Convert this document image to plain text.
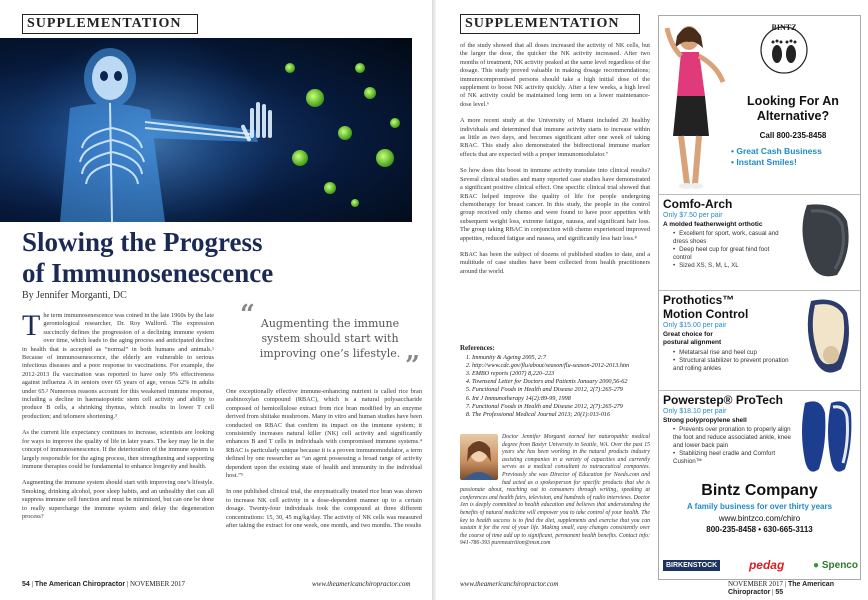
SUPPLEMENTATION
Slowing the Progress
of Immunosenescence
By Jennifer Morganti, DC

The term immunosenescence was coined in the late 1960s by the late gerontological researcher, Dr. Roy Walford. The expression succinctly defines the progression of a declining immune system over time, which leads to the aging process and anticipated decline in health that is accepted as “normal” in both humans and animals.¹ Because of immunosenescence, the elderly are vulnerable to serious infectious diseases and a poor response to vaccinations. For example, the 2012-2013 flu vaccination was reported to have only 9% effectiveness against influenza A in seniors over 65 years of age, versus 52% in adults under 65.² Numerous reasons account for this weakened immune response, including a decline in haematopoietic stem cell activity and ability to produce B cells, a shrinking thymus, which results in lower T cell production; and telomere shortening.³

As the current life expectancy continues to increase, scientists are looking for ways to improve the quality of life in later years. The key may lie in the concept of immunosenescence. If the deterioration of the immune system is largely responsible for the aging process, then strengthening and supporting immune therapies could be fundamental to enhance longevity and health.

Augmenting the immune system should start with improving one’s lifestyle. Smoking, drinking alcohol, poor sleep habits, and an unhealthy diet can all suppress immune cell function and must be minimized, but can one be done to really supercharge the immune system and delay the degeneration process?

“ Augmenting the immune system should start with improving one’s lifestyle. ”

One exceptionally effective immune-enhancing nutrient is called rice bran arabinoxylan compound (RBAC), which is a natural polysaccharide composed of hemicellulose extract from rice bran modified by an enzyme derived from shiitake mushroom. Many in vitro and human studies have been conducted on RBAC that confirm its impact on the immune system; it consistently increases natural killer (NK) cell activity and significantly enhances B and T cells in individuals with compromised immune systems.⁴ RBAC is particularly unique because it is a proven immunomodulator, a term defined by one researcher as “an agent possessing a broad range of activity dependent upon the existing state of health and immunity in the individual host.”⁵

In one published clinical trial, the enzymatically treated rice bran was shown to increase NK cell activity in a dose-dependent manner up to a certain dosage. Twenty-four individuals took the compound at three different concentrations: 15, 30, 45 mg/kg/day. The activity of NK cells was measured after taking the extract for one week, one month, and two months. The results

54 | The American Chiropractor | NOVEMBER 2017	www.theamericanchiropractor.com
SUPPLEMENTATION

of the study showed that all doses increased the activity of NK cells, but the larger the dose, the quicker the NK activity increased. After two months of treatment, NK activity peaked at the same level regardless of the dosage. This study proved valuable in making dosage recommendations; immunocompromised persons should take a high initial dose of the supplement to boost NK activity quickly. After a few weeks, a high level of NK activity could be maintained long term on a lower maintenance-dose level.⁶

A more recent study at the University of Miami included 20 healthy individuals and determined that immune activity starts to increase within as little as two days, and becomes significant after one week of taking RBAC. This study also demonstrated the bidirectional immune marker effects that are expected with a proper immunomodulator.⁷

So how does this boost in immune activity translate into clinical results? Several clinical studies and many reported case studies have demonstrated a significant positive clinical effect. One specific clinical trial showed that RBAC helped improve the quality of life for people undergoing chemotherapy for breast cancer. In this study, the people in the control group received only chemo and were found to have poor appetites with subsequent weight loss, extreme fatigue, nausea, and significant hair loss. The group taking RBAC in conjunction with chemo experienced improved appetites, reduced fatigue and nausea, and significantly less hair loss.⁸

RBAC has been the subject of dozens of published studies to date, and a multitude of case studies have been collected from health practitioners around the world.

References:
1. Immunity & Ageing 2005, 2:7
2. http://www.cdc.gov/flu/about/season/flu-season-2012-2013.htm
3. EMBO reports (2007) 8,220–223
4. Townsend Letter for Doctors and Patients January 2000,56-62
5. Functional Foods in Health and Disease 2012, 2(7):265-279
6. Int J Immunotherapy 14(2):89-99, 1998
7. Functional Foods in Health and Disease 2012, 2(7):265-279
8. The Professional Medical Journal 2013; 20(1):013-016
Doctor Jennifer Morganti earned her naturopathic medical degree from Bastyr University in Seattle, WA. Over the past 15 years she has been working in the natural products industry assisting companies in a variety of capacities and currently serves as a medical consultant to nutraceutical companies. Previously she was Director of Education for Needs.com and had acted as a spokesperson for specific products that she is passionate about, reaching out to consumers through writing, speaking at conferences and health fairs, television, and hundreds of radio interviews. Doctor Jen is deeply committed to health education and believes that understanding the benefits of natural medicine will empower you to take control of your health. The key to health success is to find the diet, supplements and exercise that you can sustain it for the rest of your life. Making small, easy changes consistently over the course of time add up to significant, permanent health benefits. Contact info: 941-786-393 pureneutrition@msn.com
www.theamericanchiropractor.com	NOVEMBER 2017 | The American Chiropractor | 55
BINTZ
Looking For An
Alternative?
Call 800-235-8458
• Great Cash Business
• Instant Smiles!
Comfo-Arch
Only $7.50 per pair
A molded featherweight orthotic
• Excellent for sport, work, casual and dress shoes
• Deep heel cup for great hind foot control
• Sized XS, S, M, L, XL
Prothotics™
Motion Control
Only $15.00 per pair
Great choice for
postural alignment
• Metatarsal rise and heel cup
• Structural stabilizer to prevent pronation and rolling ankles
Powerstep® ProTech
Only $18.10 per pair
Strong polypropylene shell
• Prevents over pronation to properly align the foot and reduce associated ankle, knee and lower back pain
• Stabilizing heel cradle and Comfort Cushion™
Bintz Company
A family business for over thirty years
www.bintzco.com/chiro
800-235-8458 • 630-665-3113
BIRKENSTOCK	pedag	● Spenco
